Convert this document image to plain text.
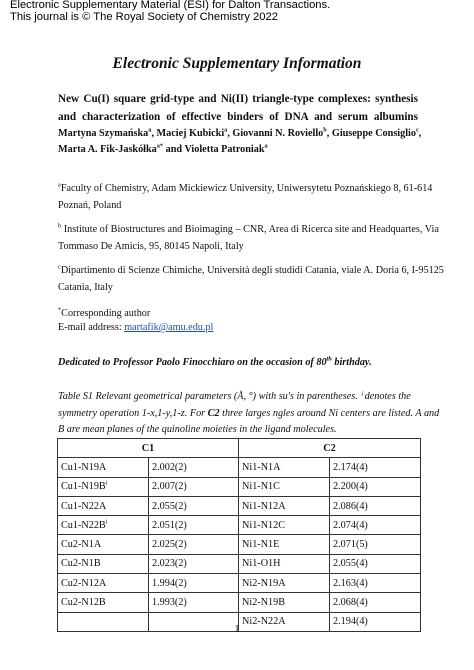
Electronic Supplementary Material (ESI) for Dalton Transactions.
This journal is © The Royal Society of Chemistry 2022
Electronic Supplementary Information
New Cu(I) square grid-type and Ni(II) triangle-type complexes: synthesis
and characterization of effective binders of DNA and serum albumins
Martyna Szymańska$^a$, Maciej Kubicki$^a$, Giovanni N. Roviello$^b$, Giuseppe Consiglio$^c$,
Marta A. Fik-Jaskółka$^{a*}$ and Violetta Patroniak$^a$
$^a$Faculty of Chemistry, Adam Mickiewicz University, Uniwersytetu Poznańskiego 8, 61-614
Poznań, Poland
$^b$ Institute of Biostructures and Bioimaging – CNR, Area di Ricerca site and Headquartes, Via
Tommaso De Amicis, 95, 80145 Napoli, Italy
$^c$Dipartimento di Scienze Chimiche, Università degli studidi Catania, viale A. Doria 6, I-95125
Catania, Italy
*Corresponding author
E-mail address: martafik@amu.edu.pl
Dedicated to Professor Paolo Finocchiaro on the occasion of 80th birthday.
Table S1 Relevant geometrical parameters (Å, °) with su's in parentheses. ⁱ denotes the
symmetry operation 1-x,1-y,1-z. For C2 three larges ngles around Ni centers are listed. A and
B are mean planes of the quinoline moieties in the ligand molecules.
C1		C2	
Cu1-N19A	2.002(2)	Ni1-N1A	2.174(4)
$Cu1-N19B^i$	2.007(2)	Ni1-N1C	2.200(4)
Cu1-N22A	2.055(2)	Ni1-N12A	2.086(4)
$Cu1-N22B^i$	2.051(2)	Ni1-N12C	2.074(4)
Cu2-N1A	2.025(2)	Ni1-N1E	2.071(5)
Cu2-N1B	2.023(2)	Ni1-O1H	2.055(4)
Cu2-N12A	1.994(2)	Ni2-N19A	2.163(4)
Cu2-N12B	1.993(2)	Ni2-N19B	2.068(4)
		Ni2-N22A	2.194(4)
1
